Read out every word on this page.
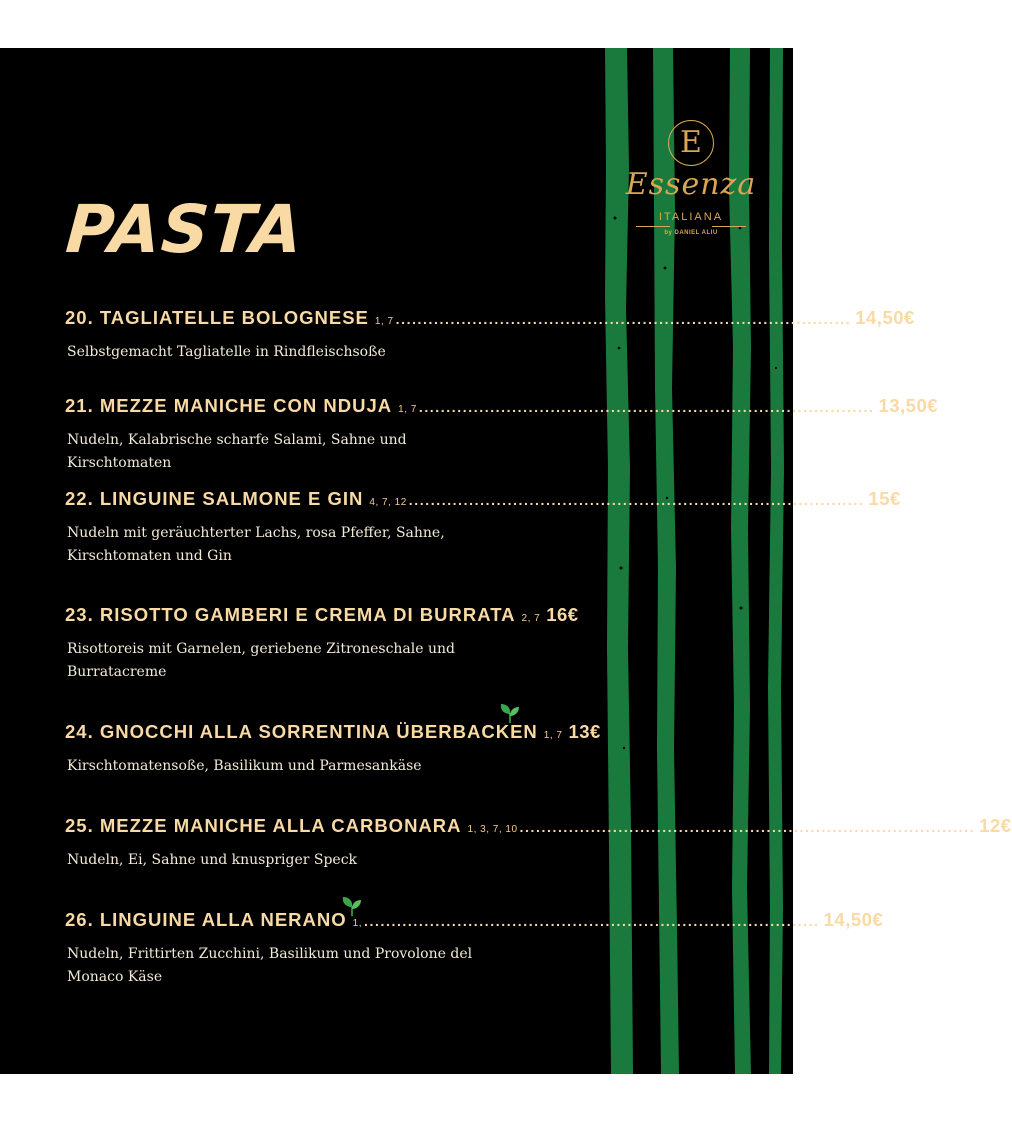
E
Essenza
ITALIANA
by DANIEL ALIU
PASTA
20. TAGLIATELLE BOLOGNESE 1, 7 ................................................................................... 14,50€
Selbstgemacht Tagliatelle in Rindfleischsoße
21. MEZZE MANICHE CON NDUJA 1, 7 ................................................................................... 13,50€
Nudeln, Kalabrische scharfe Salami, Sahne und Kirschtomaten
22. LINGUINE SALMONE E GIN 4, 7, 12 ................................................................................... 15€
Nudeln mit geräuchterter Lachs, rosa Pfeffer, Sahne, Kirschtomaten und Gin
23. RISOTTO GAMBERI E CREMA DI BURRATA 2, 7 16€
Risottoreis mit Garnelen, geriebene Zitroneschale und Burratacreme
24. GNOCCHI ALLA SORRENTINA ÜBERBACKEN 1, 7 13€
Kirschtomatensoße, Basilikum und Parmesankäse
25. MEZZE MANICHE ALLA CARBONARA 1, 3, 7, 10 ................................................................................... 12€
Nudeln, Ei, Sahne und knuspriger Speck
26. LINGUINE ALLA NERANO 1, ................................................................................... 14,50€
Nudeln, Frittirten Zucchini, Basilikum und Provolone del Monaco Käse
